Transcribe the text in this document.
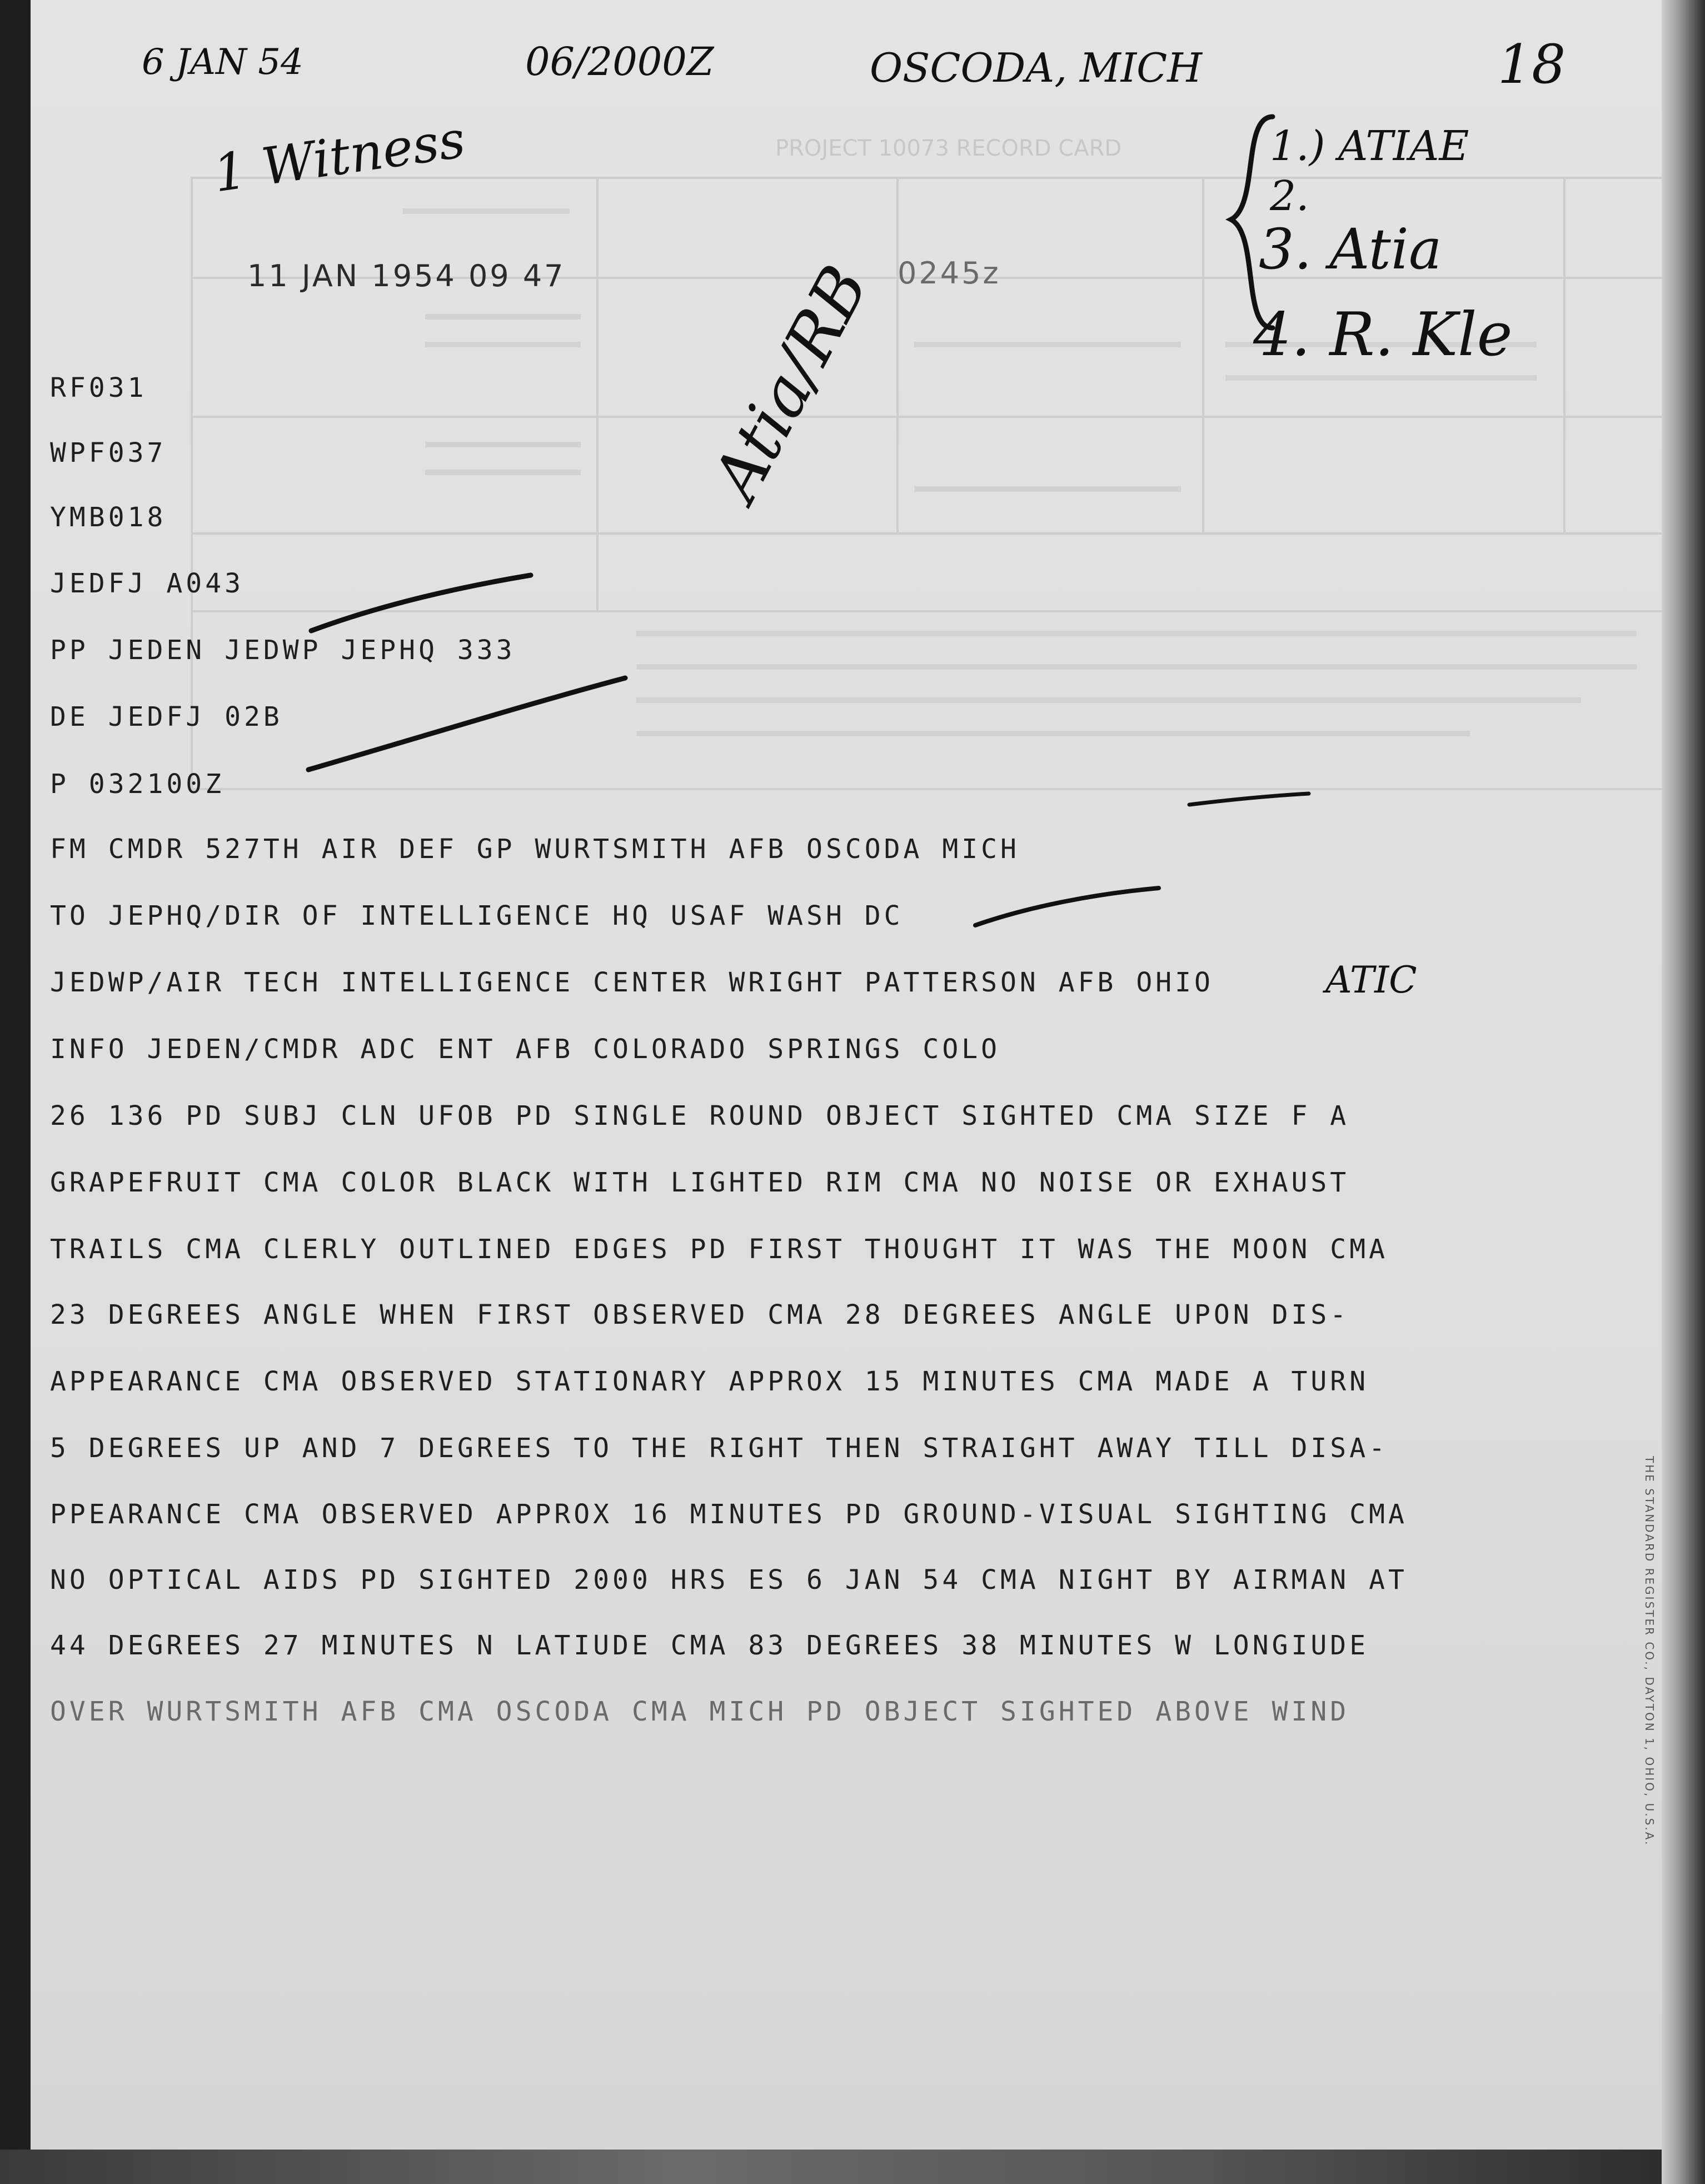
PROJECT 10073 RECORD CARD

6 JAN 54	06/2000Z	OSCODA, MICH	18

1 Witness	1.) ATIAE

2.

3. Atia

4. R. Kle

11 JAN 1954 09 47	0245z

Atia/RB

RF031

WPF037

YMB018

JEDFJ A043

PP JEDEN JEDWP JEPHQ 333

DE JEDFJ 02B

P 032100Z

FM CMDR 527TH AIR DEF GP WURTSMITH AFB OSCODA MICH

TO JEPHQ/DIR OF INTELLIGENCE HQ USAF WASH DC

JEDWP/AIR TECH INTELLIGENCE CENTER WRIGHT PATTERSON AFB OHIO

INFO JEDEN/CMDR ADC ENT AFB COLORADO SPRINGS COLO

ATIC

26 136 PD SUBJ CLN UFOB PD SINGLE ROUND OBJECT SIGHTED CMA SIZE F A

GRAPEFRUIT CMA COLOR BLACK WITH LIGHTED RIM CMA NO NOISE OR EXHAUST

TRAILS CMA CLERLY OUTLINED EDGES PD FIRST THOUGHT IT WAS THE MOON CMA

23 DEGREES ANGLE WHEN FIRST OBSERVED CMA 28 DEGREES ANGLE UPON DIS-

APPEARANCE CMA OBSERVED STATIONARY APPROX 15 MINUTES CMA MADE A TURN

5 DEGREES UP AND 7 DEGREES TO THE RIGHT THEN STRAIGHT AWAY TILL DISA-

PPEARANCE CMA OBSERVED APPROX 16 MINUTES PD GROUND-VISUAL SIGHTING CMA

NO OPTICAL AIDS PD SIGHTED 2000 HRS ES 6 JAN 54 CMA NIGHT BY AIRMAN AT

44 DEGREES 27 MINUTES N LATIUDE CMA 83 DEGREES 38 MINUTES W LONGIUDE

OVER WURTSMITH AFB CMA OSCODA CMA MICH PD OBJECT SIGHTED ABOVE WIND	THE STANDARD REGISTER CO., DAYTON 1, OHIO, U.S.A.
